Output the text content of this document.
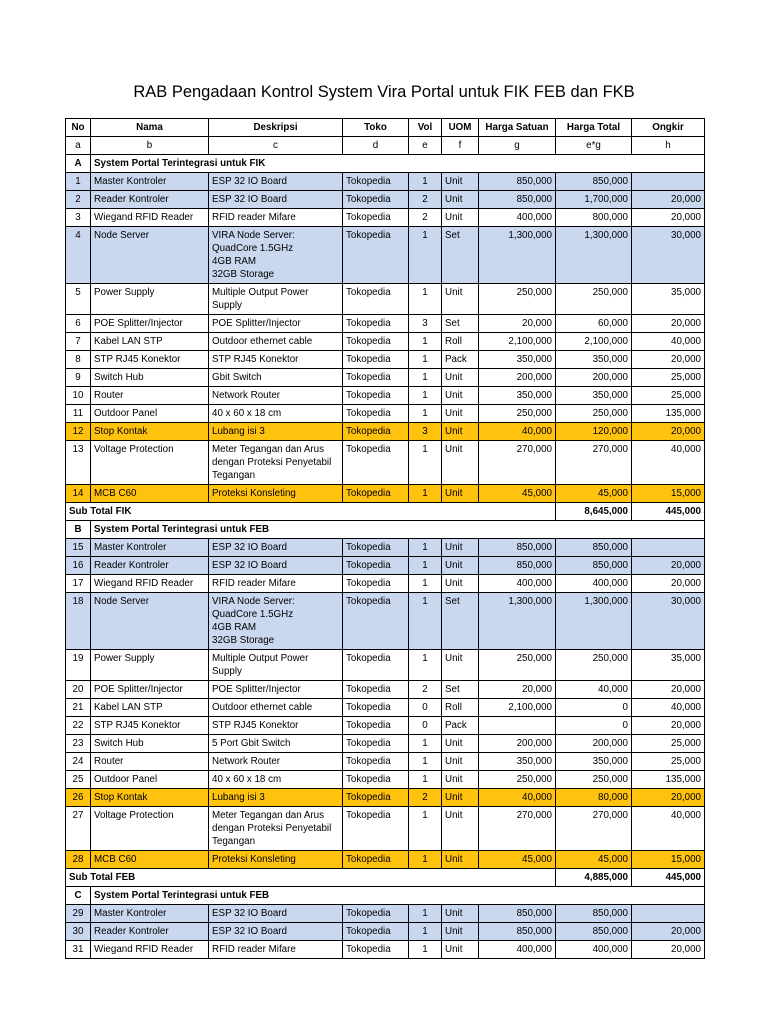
RAB Pengadaan Kontrol System Vira Portal untuk FIK FEB dan FKB
No	Nama	Deskripsi	Toko	Vol	UOM	Harga Satuan	Harga Total	Ongkir
a	b	c	d	e	f	g	e*g	h
A	System Portal Terintegrasi untuk FIK							
1	Master Kontroler	ESP 32 IO Board	Tokopedia	1	Unit	850,000	850,000	
2	Reader Kontroler	ESP 32 IO Board	Tokopedia	2	Unit	850,000	1,700,000	20,000
3	Wiegand RFID Reader	RFID reader Mifare	Tokopedia	2	Unit	400,000	800,000	20,000
4	Node Server	VIRA Node Server:
QuadCore 1.5GHz
4GB RAM
32GB Storage	Tokopedia	1	Set	1,300,000	1,300,000	30,000
5	Power Supply	Multiple Output Power
Supply	Tokopedia	1	Unit	250,000	250,000	35,000
6	POE Splitter/Injector	POE Splitter/Injector	Tokopedia	3	Set	20,000	60,000	20,000
7	Kabel LAN STP	Outdoor ethernet cable	Tokopedia	1	Roll	2,100,000	2,100,000	40,000
8	STP RJ45 Konektor	STP RJ45 Konektor	Tokopedia	1	Pack	350,000	350,000	20,000
9	Switch Hub	Gbit Switch	Tokopedia	1	Unit	200,000	200,000	25,000
10	Router	Network Router	Tokopedia	1	Unit	350,000	350,000	25,000
11	Outdoor Panel	40 x 60 x 18 cm	Tokopedia	1	Unit	250,000	250,000	135,000
12	Stop Kontak	Lubang isi 3	Tokopedia	3	Unit	40,000	120,000	20,000
13	Voltage Protection	Meter Tegangan dan Arus
dengan Proteksi Penyetabil
Tegangan	Tokopedia	1	Unit	270,000	270,000	40,000
14	MCB C60	Proteksi Konsleting	Tokopedia	1	Unit	45,000	45,000	15,000
Sub Total FIK							8,645,000	445,000
B	System Portal Terintegrasi untuk FEB							
15	Master Kontroler	ESP 32 IO Board	Tokopedia	1	Unit	850,000	850,000	
16	Reader Kontroler	ESP 32 IO Board	Tokopedia	1	Unit	850,000	850,000	20,000
17	Wiegand RFID Reader	RFID reader Mifare	Tokopedia	1	Unit	400,000	400,000	20,000
18	Node Server	VIRA Node Server:
QuadCore 1.5GHz
4GB RAM
32GB Storage	Tokopedia	1	Set	1,300,000	1,300,000	30,000
19	Power Supply	Multiple Output Power
Supply	Tokopedia	1	Unit	250,000	250,000	35,000
20	POE Splitter/Injector	POE Splitter/Injector	Tokopedia	2	Set	20,000	40,000	20,000
21	Kabel LAN STP	Outdoor ethernet cable	Tokopedia	0	Roll	2,100,000	0	40,000
22	STP RJ45 Konektor	STP RJ45 Konektor	Tokopedia	0	Pack		0	20,000
23	Switch Hub	5 Port Gbit Switch	Tokopedia	1	Unit	200,000	200,000	25,000
24	Router	Network Router	Tokopedia	1	Unit	350,000	350,000	25,000
25	Outdoor Panel	40 x 60 x 18 cm	Tokopedia	1	Unit	250,000	250,000	135,000
26	Stop Kontak	Lubang isi 3	Tokopedia	2	Unit	40,000	80,000	20,000
27	Voltage Protection	Meter Tegangan dan Arus
dengan Proteksi Penyetabil
Tegangan	Tokopedia	1	Unit	270,000	270,000	40,000
28	MCB C60	Proteksi Konsleting	Tokopedia	1	Unit	45,000	45,000	15,000
Sub Total FEB							4,885,000	445,000
C	System Portal Terintegrasi untuk FEB							
29	Master Kontroler	ESP 32 IO Board	Tokopedia	1	Unit	850,000	850,000	
30	Reader Kontroler	ESP 32 IO Board	Tokopedia	1	Unit	850,000	850,000	20,000
31	Wiegand RFID Reader	RFID reader Mifare	Tokopedia	1	Unit	400,000	400,000	20,000
